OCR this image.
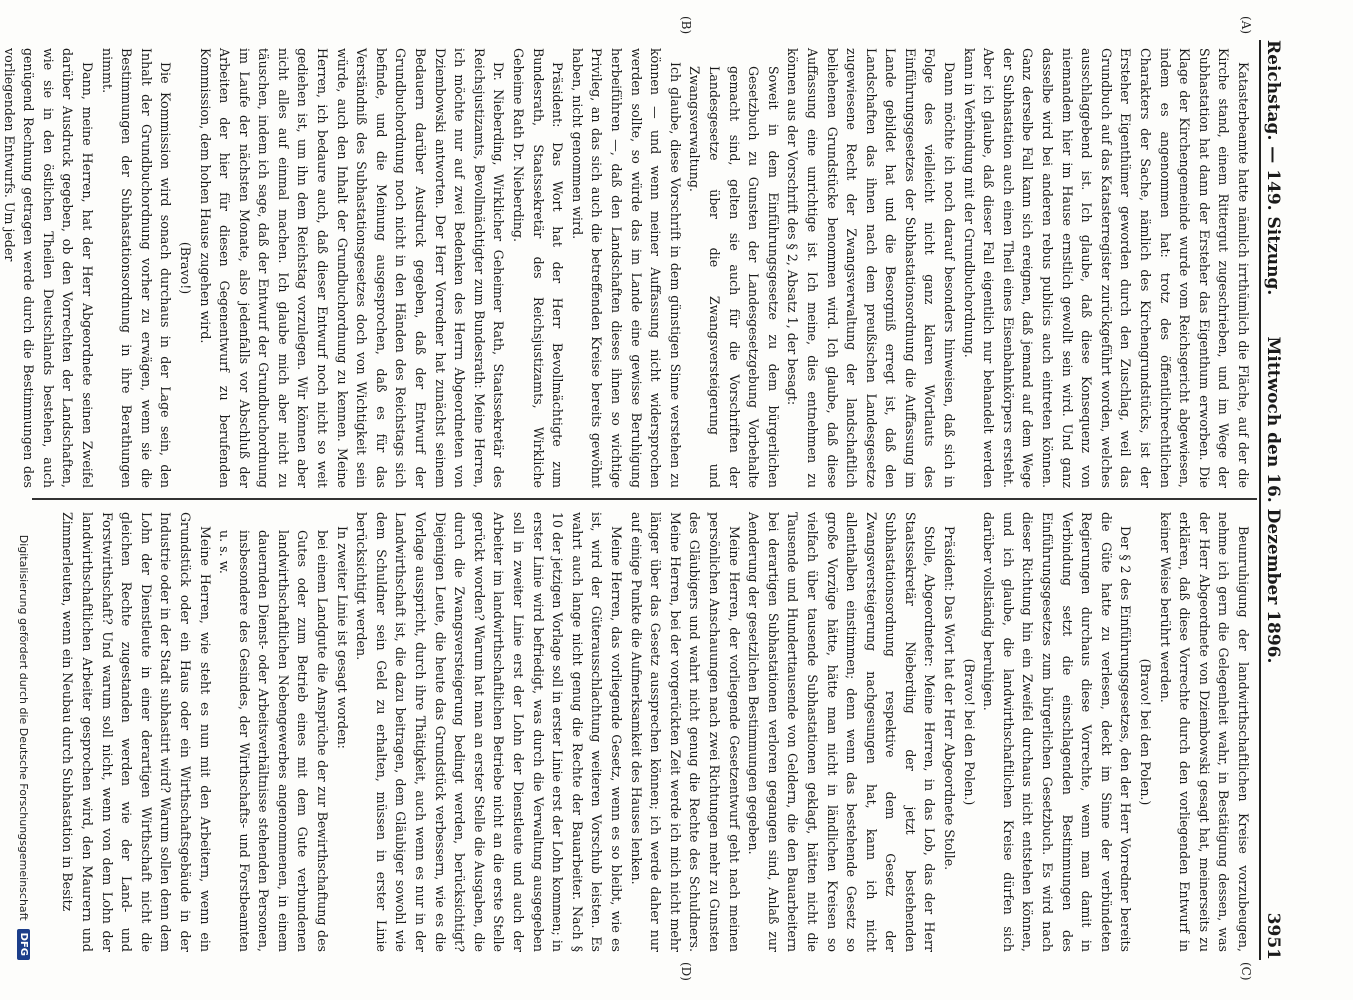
Reichstag. — 149. Sitzung.
Mittwoch den 16. Dezember 1896.
3951
(A)
(B)
(C)
(D)

Katasterbeamte hatte nämlich irrthümlich die Fläche, auf der die Kirche stand, einem Rittergut zugeschrieben, und im Wege der Subhastation hat dann der Ersteher das Eigenthum erworben. Die Klage der Kirchengemeinde wurde vom Reichsgericht abgewiesen, indem es angenommen hat: trotz des öffentlichrechtlichen Charakters der Sache, nämlich des Kirchengrundstücks, ist der Ersteher Eigenthümer geworden durch den Zuschlag, weil das Grundbuch auf das Katasterregister zurückgeführt worden, welches ausschlaggebend ist. Ich glaube, daß diese Konsequenz von niemandem hier im Hause ernstlich gewollt sein wird. Und ganz dasselbe wird bei anderen rebus publicis auch eintreten können. Ganz derselbe Fall kann sich ereignen, daß jemand auf dem Wege der Subhastation auch einen Theil eines Eisenbahnkörpers ersteht. Aber ich glaube, daß dieser Fall eigentlich nur behandelt werden kann in Verbindung mit der Grundbuchordnung.

Dann möchte ich noch darauf besonders hinweisen, daß sich in Folge des vielleicht nicht ganz klaren Wortlauts des Einführungsgesetzes der Subhastationsordnung die Auffassung im Lande gebildet hat und die Besorgniß erregt ist, daß den Landschaften das ihnen nach dem preußischen Landesgesetze zugewiesene Recht der Zwangsverwaltung der landschaftlich beliehenen Grundstücke benommen wird. Ich glaube, daß diese Auffassung eine unrichtige ist. Ich meine, dies entnehmen zu können aus der Vorschrift des § 2, Absatz 1, der besagt:

Soweit in dem Einführungsgesetze zu dem bürgerlichen Gesetzbuch zu Gunsten der Landesgesetzgebung Vorbehalte gemacht sind, gelten sie auch für die Vorschriften der Landesgesetze über die Zwangsversteigerung und Zwangsverwaltung.

Ich glaube, diese Vorschrift in dem günstigen Sinne verstehen zu können — und wenn meiner Auffassung nicht widersprochen werden sollte, so würde das im Lande eine gewisse Beruhigung herbeiführen —, daß den Landschaften dieses ihnen so wichtige Privileg, an das sich auch die betreffenden Kreise bereits gewöhnt haben, nicht genommen wird.

Präsident: Das Wort hat der Herr Bevollmächtigte zum Bundesrath, Staatssekretär des Reichsjustizamts, Wirkliche Geheime Rath Dr. Nieberding.

Dr. Nieberding, Wirklicher Geheimer Rath, Staatssekretär des Reichsjustizamts, Bevollmächtigter zum Bundesrath: Meine Herren, ich möchte nur auf zwei Bedenken des Herrn Abgeordneten von Dziembowski antworten. Der Herr Vorredner hat zunächst seinem Bedauern darüber Ausdruck gegeben, daß der Entwurf der Grundbuchordnung noch nicht in den Händen des Reichstags sich befinde, und die Meinung ausgesprochen, daß es für das Verständniß des Subhastationsgesetzes doch von Wichtigkeit sein würde, auch den Inhalt der Grundbuchordnung zu kennen. Meine Herren, ich bedaure auch, daß dieser Entwurf noch nicht so weit gediehen ist, um ihn dem Reichstag vorzulegen. Wir können aber nicht alles auf einmal machen. Ich glaube mich aber nicht zu täuschen, indem ich sage, daß der Entwurf der Grundbuchordnung im Laufe der nächsten Monate, also jedenfalls vor Abschluß der Arbeiten der hier für diesen Gegenentwurf zu berufenden Kommission, dem hohen Hause zugehen wird.

(Bravo!)

Die Kommission wird sonach durchaus in der Lage sein, den Inhalt der Grundbuchordnung vorher zu erwägen, wenn sie die Bestimmungen der Subhastationsordnung in ihre Berathungen nimmt.

Dann, meine Herren, hat der Herr Abgeordnete seinen Zweifel darüber Ausdruck gegeben, ob den Vorrechten der Landschaften, wie sie in den östlichen Theilen Deutschlands bestehen, auch genügend Rechnung getragen werde durch die Bestimmungen des vorliegenden Entwurfs. Um jeder

Beunruhigung der landwirthschaftlichen Kreise vorzubeugen, nehme ich gern die Gelegenheit wahr, in Bestätigung dessen, was der Herr Abgeordnete von Dziembowski gesagt hat, meinerseits zu erklären, daß diese Vorrechte durch den vorliegenden Entwurf in keiner Weise berührt werden.

(Bravo! bei den Polen.)

Der § 2 des Einführungsgesetzes, den der Herr Vorredner bereits die Güte hatte zu verlesen, deckt im Sinne der verbündeten Regierungen durchaus diese Vorrechte, wenn man damit in Verbindung setzt die einschlagenden Bestimmungen des Einführungsgesetzes zum bürgerlichen Gesetzbuch. Es wird nach dieser Richtung hin ein Zweifel durchaus nicht entstehen können, und ich glaube, die landwirthschaftlichen Kreise dürfen sich darüber vollständig beruhigen.

(Bravo! bei den Polen.)

Präsident: Das Wort hat der Herr Abgeordnete Stolle.

Stolle, Abgeordneter: Meine Herren, in das Lob, das der Herr Staatssekretär Nieberding der jetzt bestehenden Subhastationsordnung respektive dem Gesetz der Zwangsversteigerung nachgesungen hat, kann ich nicht allenthalben einstimmen; denn wenn das bestehende Gesetz so große Vorzüge hätte, hätte man nicht in ländlichen Kreisen so vielfach über tausende Subhastationen geklagt, hätten nicht die Tausende und Hunderttausende von Geldern, die den Bauarbeitern bei derartigen Subhastationen verloren gegangen sind, Anlaß zur Aenderung der gesetzlichen Bestimmungen gegeben.

Meine Herren, der vorliegende Gesetzentwurf geht nach meinen persönlichen Anschauungen nach zwei Richtungen mehr zu Gunsten des Gläubigers und wahrt nicht genug die Rechte des Schuldners. Meine Herren, bei der vorgerückten Zeit werde ich mich nicht mehr länger über das Gesetz aussprechen können; ich werde daher nur auf einige Punkte die Aufmerksamkeit des Hauses lenken.

Meine Herren, das vorliegende Gesetz, wenn es so bleibt, wie es ist, wird der Güterausschlachtung weiteren Vorschub leisten. Es wahrt auch lange nicht genug die Rechte der Bauarbeiter. Nach § 10 der jetzigen Vorlage soll in erster Linie erst der Lohn kommen; in erster Linie wird befriedigt, was durch die Verwaltung ausgegeben soll in zweiter Linie erst der Lohn der Dienstleute und auch der Arbeiter im landwirthschaftlichen Betriebe nicht an die erste Stelle gerückt worden? Warum hat man an erster Stelle die Ausgaben, die durch die Zwangsversteigerung bedingt werden, berücksichtigt? Diejenigen Leute, die heute das Grundstück verbessern, wie es die Vorlage ausspricht, durch ihre Thätigkeit, auch wenn es nur in der Landwirthschaft ist, die dazu beitragen, dem Gläubiger sowohl wie dem Schuldner sein Geld zu erhalten, müssen in erster Linie berücksichtigt werden.

In zweiter Linie ist gesagt worden:

bei einem Landgute die Ansprüche der zur Bewirthschaftung des Gutes oder zum Betrieb eines mit dem Gute verbundenen landwirthschaftlichen Nebengewerbes angenommenen, in einem dauernden Dienst- oder Arbeitsverhältnisse stehenden Personen, insbesondere des Gesindes, der Wirthschafts- und Forstbeamten u. s. w.

Meine Herren, wie steht es nun mit den Arbeitern, wenn ein Grundstück oder ein Haus oder ein Wirthschaftsgebäude in der Industrie oder in der Stadt subhastirt wird? Warum sollen denn dem Lohn der Dienstleute in einer derartigen Wirthschaft nicht die gleichen Rechte zugestanden werden wie der Land- und Forstwirthschaft? Und warum soll nicht, wenn von dem Lohn der landwirthschaftlichen Arbeiter gesprochen wird, den Maurern und Zimmerleuten, wenn ein Neubau durch Subhastation in Besitz

Digitalisierung gefördert durch die Deutsche Forschungsgemeinschaft
DFG
